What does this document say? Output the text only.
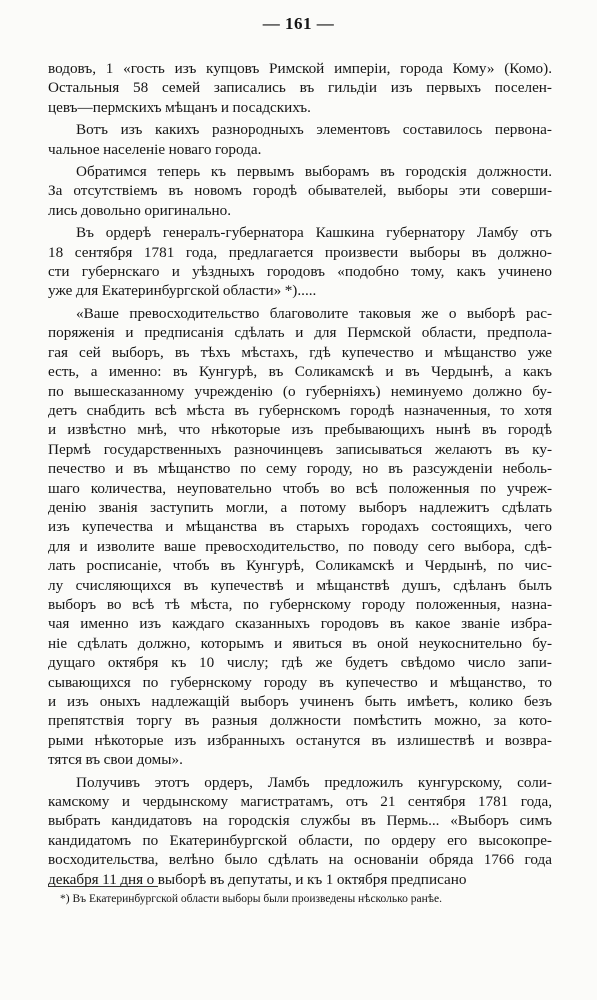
— 161 —
водовъ, 1 «гость изъ купцовъ Римской имперіи, города Кому» (Комо).
Остальныя 58 семей записались въ гильдіи изъ первыхъ поселен-
цевъ—пермскихъ мѣщанъ и посадскихъ.
Вотъ изъ какихъ разнородныхъ элементовъ составилось первона-
чальное населеніе новаго города.
Обратимся теперь къ первымъ выборамъ въ городскія должности.
За отсутствіемъ въ новомъ городѣ обывателей, выборы эти соверши-
лись довольно оригинально.
Въ ордерѣ генералъ-губернатора Кашкина губернатору Ламбу отъ
18 сентября 1781 года, предлагается произвести выборы въ должно-
сти губернскаго и уѣздныхъ городовъ «подобно тому, какъ учинено
уже для Екатеринбургской области» *).....
«Ваше превосходительство благоволите таковыя же о выборѣ рас-
поряженія и предписанія сдѣлать и для Пермской области, предпола-
гая сей выборъ, въ тѣхъ мѣстахъ, гдѣ купечество и мѣщанство уже
есть, а именно: въ Кунгурѣ, въ Соликамскѣ и въ Чердынѣ, а какъ
по вышесказанному учрежденію (о губерніяхъ) неминуемо должно бу-
детъ снабдить всѣ мѣста въ губернскомъ городѣ назначенныя, то хотя
и извѣстно мнѣ, что нѣкоторые изъ пребывающихъ нынѣ въ городѣ
Пермѣ государственныхъ разночинцевъ записываться желаютъ въ ку-
печество и въ мѣщанство по сему городу, но въ разсужденіи неболь-
шаго количества, неуповательно чтобъ во всѣ положенныя по учреж-
денію званія заступить могли, а потому выборъ надлежитъ сдѣлать
изъ купечества и мѣщанства въ старыхъ городахъ состоящихъ, чего
для и изволите ваше превосходительство, по поводу сего выбора, сдѣ-
лать росписаніе, чтобъ въ Кунгурѣ, Соликамскѣ и Чердынѣ, по чис-
лу счисляющихся въ купечествѣ и мѣщанствѣ душъ, сдѣланъ былъ
выборъ во всѣ тѣ мѣста, по губернскому городу положенныя, назна-
чая именно изъ каждаго сказанныхъ городовъ въ какое званіе избра-
ніе сдѣлать должно, которымъ и явиться въ оной неукоснительно бу-
дущаго октября къ 10 числу; гдѣ же будетъ свѣдомо число запи-
сывающихся по губернскому городу въ купечество и мѣщанство, то
и изъ оныхъ надлежащій выборъ учиненъ быть имѣетъ, колико безъ
препятствія торгу въ разныя должности помѣстить можно, за кото-
рыми нѣкоторые изъ избранныхъ останутся въ излишествѣ и возвра-
тятся въ свои домы».
Получивъ этотъ ордеръ, Ламбъ предложилъ кунгурскому, соли-
камскому и чердынскому магистратамъ, отъ 21 сентября 1781 года,
выбрать кандидатовъ на городскія службы въ Пермь... «Выборъ симъ
кандидатомъ по Екатеринбургской области, по ордеру его высокопре-
восходительства, велѣно было сдѣлать на основаніи обряда 1766 года
декабря 11 дня о выборѣ въ депутаты, и къ 1 октября предписано
*) Въ Екатеринбургской области выборы были произведены нѣсколько ранѣе.
